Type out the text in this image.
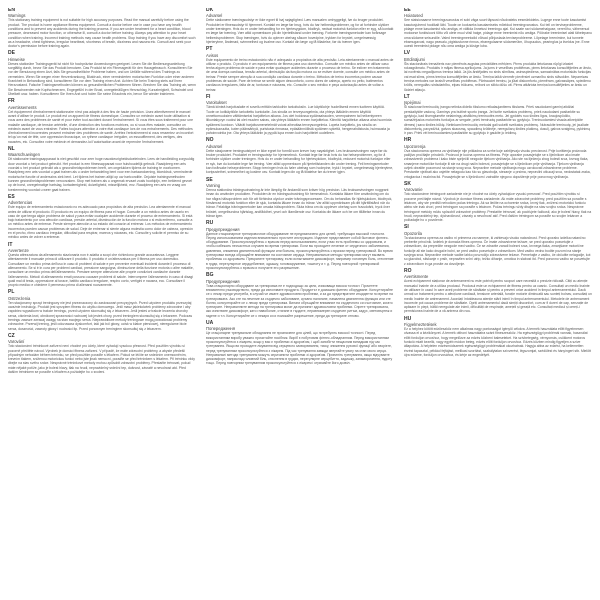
EN

Warnings

This stationary training equipment is not suitable for high accuracy purposes. Read the manual carefully before using the product. The product is home appliance fitness equipment. Consult a doctor before use in case you have any health conditions and to prevent any accidents during the training process. If you are under treatment for a heart condition, blood pressure, decreased motor function, or otherwise ill, consult a doctor before training. Always pay attention to your heart condition when training. Incorrect training methods may cause health problems. Stop training if you have any discomfort such as a headache, chest tightness, irregular heartbeat, shortness of breath, dizziness and nausea etc. Consult and seek your doctor's permission before training again.

DE

Hinweise

Dieses stationäre Trainingsgerät ist nicht für hochpräzise Anwendungen geeignet. Lesen Sie die Bedienungsanleitung sorgfältig durch, bevor Sie das Produkt benutzen. Das Produkt ist ein Fitnessgerät für den Hausgebrauch. Konsultieren Sie vor der Benutzung einen Arzt, falls Sie gesundheitliche Probleme haben, und um Unfälle während des Trainings zu vermeiden. Wenn Sie wegen einer Herzerkrankung, Blutdruck, einer verminderten motorischen Funktion oder einer anderen Krankheit in Behandlung sind, konsultieren Sie vor dem Training einen Arzt. Achten Sie beim Training stets auf Ihren Herzzustand. Falsche Trainingsmethoden können zu gesundheitlichen Problemen führen. Brechen Sie das Training ab, wenn Sie Beschwerden wie Kopfschmerzen, Engegefühl in der Brust, unregelmäßigen Herzschlag, Kurzatmigkeit, Schwindel und Übelkeit usw. haben. Konsultieren Sie Ihren Arzt und holen Sie seine Erlaubnis ein, bevor Sie wieder trainieren.

FR

Avertissements

Cet équipement d'entraînement stationnaire n'est pas adapté à des fins de haute précision. Lisez attentivement le manuel avant d'utiliser le produit. Le produit est un appareil de fitness domestique. Consultez un médecin avant toute utilisation si vous avez des problèmes de santé et pour éviter tout accident durant l'entraînement. Si vous êtes sous traitement pour une maladie cardiaque, de tension artérielle, d'une diminution des fonctions motrices, ou si vous êtes malade, consultez un médecin avant de vous entraîner. Faites toujours attention à votre état cardiaque lors de vos entraînements. Des méthodes d'entraînement incorrectes peuvent entraîner des problèmes de santé. Arrêtez l'entraînement si vous ressentez un inconfort tel qu'un mal de tête, une oppression thoracique, un rythme cardiaque irrégulier, un essoufflement, des vertiges, des nausées, etc. Consultez votre médecin et demandez-lui l'autorisation avant de reprendre l'entraînement.

NL

Waarschuwingen

Dit stationaire trainingsapparaat is niet geschikt voor zeer hoge nauwkeurigheidsdoeleinden. Lees de handleiding zorgvuldig door voordat u het product gebruikt. Het product is een fitnessapparaat voor huishoudelijk gebruik. Raadpleeg een arts voordat u het product gebruikt als u gezondheidsproblemen heeft, om ongelukken tijdens de training te voorkomen. Raadpleeg een arts voordat u gaat trainen als u onder behandeling bent voor een hartaandoening, bloeddruk, verminderde motorische functie of anderszins ziek bent. Let tijdens het trainen altijd op uw hartconditie. Onjuiste trainingsmethoden kunnen gezondheidsproblemen veroorzaken. Stop met trainen als u ongemak ervaart zoals hoofdpijn, een beklemd gevoel op de borst, onregelmatige hartslag, kortademigheid, duizeligheid, misselijkheid, enz. Raadpleeg een arts en vraag om toestemming voordat u weer gaat trainen.

ES

Advertencias

Este equipo de entrenamiento estacionario no es adecuado para propósitos de alta precisión. Lea atentamente el manual antes de utilizar el producto. El producto es un equipo de fitness para el hogar. Consulte a un médico antes de usarlo en caso de que tenga algún problema de salud y para evitar cualquier accidente durante el proceso de entrenamiento. Si está bajo tratamiento por una afección cardíaca, presión arterial, disminución de la función motora o si está enfermo, consulte a un médico antes de entrenar. Preste siempre atención a su estado del corazón al entrenar. Los métodos de entrenamiento incorrectos pueden causar problemas de salud. Deje de entrenar si siente alguna molestia como dolor de cabeza, opresión en el pecho, ritmo cardíaco irregular, dificultad para respirar, mareos y náuseas, etc. Consulte y solicite el permiso de su médico antes de volver a entrenar.

IT

Avvertenze

Questa attrezzatura da allenamento stazionaria non è adatta a scopi che richiedono grande accuratezza. Leggere attentamente il manuale prima di utilizzare il prodotto. Il prodotto è un'attrezzatura per il fitness per uso domestico. Consultare un medico prima dell'uso in caso di problemi di salute e per prevenire eventuali incidenti durante il processo di allenamento. Se si è in cura per problemi cardiaci, pressione sanguigna, diminuzione della funzione motoria o altre malattie, consultare un medico prima dell'allenamento. Prestare sempre attenzione alle proprie condizioni cardiache durante l'allenamento. Metodi di allenamento errati possono causare problemi di salute. Interrompere l'allenamento in caso di disagi quali mal di testa, oppressione al torace, battito cardiaco irregolare, respiro corto, vertigini e nausea, ecc. Consultare il proprio medico e chiedere il permesso prima di allenarsi nuovamente.

PL

Ostrzeżenia

Ten stacjonarny sprzęt treningowy nie jest przeznaczony do zastosowań precyzyjnych. Przed użyciem produktu przeczytaj uważnie instrukcję. Produkt jest sprzętem fitness do użytku domowego. Jeśli masz jakiekolwiek problemy zdrowotne i aby zapobiec wypadkom w trakcie treningu, przed użyciem skonsultuj się z lekarzem. Jeśli jesteś w trakcie leczenia choroby serca, ciśnienia krwi, obniżonej sprawności ruchowej lub jesteś chory, przed treningiem skonsultuj się z lekarzem. Podczas treningu zawsze zwracaj uwagę na stan swojego serca. Nieprawidłowe metody treningowe mogą powodować problemy zdrowotne. Przerwij trening, jeśli odczuwasz dyskomfort, taki jak ból głowy, ucisk w klatce piersiowej, nieregularne bicie serca, duszności, zawroty głowy i nudności itp. Przed ponownym treningiem skonsultuj się z lekarzem.

CZ

Varování

Toto stacionární tréninkové zařízení není vhodné pro účely, které vyžadují vysokou přesnost. Před použitím výrobku si pozorně přečtěte návod. Výrobek je domácí fitness zařízení. V případě, že máte zdravotní problémy, a abyste předešli případným nehodám během tréninku, se před použitím poraďte s lékařem. Pokud se léčíte se srdečním onemocněním, krevním tlakem, sníženou motorickou funkcí nebo jste jinak nemocní, poraďte se před tréninkem s lékařem. Při tréninku vždy dbejte na stav svého srdce. Nesprávné tréninkové metody mohou způsobit zdravotní problémy. Přestaňte trénovat, pokud máte nějaké potíže, jako je bolest hlavy, tlak na hrudi, nepravidelný srdeční tep, dušnost, závratě a nevolnost atd. Před dalším tréninkem se poraďte s lékařem a požádejte ho o svolení.

DK

Advarsel

Dette stationære træningsudstyr er ikke egnet til høj nøjagtighed. Læs manualen omhyggeligt, før du bruger produktet. Produktet er fitnessudstyr til hjemmet. Kontakt en læge før brug, hvis du har helbredsproblemer, og for at forhindre ulykker under træningen. Hvis du er under behandling for en hjertesygdom, blodtryk, nedsat motorisk funktion eller er syg, så kontakt en læge før træning. Vær altid opmærksom på din hjertetilstand under træning. Forkerte træningsmetoder kan forårsage helbredsproblemer. Stop træningen, hvis du oplever ubehag såsom hovedpine, trykken for brystet, uregelmæssig hjerterytme, åndenød, svimmelhed og kvalme osv. Kontakt din læge og få tilladelse, før du træner igen.

PT

Avisos

Este equipamento de treino estacionário não é adequado a propósitos de alta precisão. Leia atentamente o manual antes de utilizar o produto. O produto é um equipamento de fitness para uso doméstico. Consulte um médico antes de utilizar caso tenha algum problema de saúde e para evitar quaisquer acidentes durante o processo de treino. Se estiver em tratamento de uma doença cardíaca, tensão arterial, diminuição da função motora ou se estiver doente, consulte um médico antes de treinar. Preste sempre atenção à sua condição cardíaca durante o treino. Métodos de treino incorretos podem causar problemas de saúde. Pare de treinar se sentir algum desconforto, como dores de cabeça, aperto no peito, batimentos cardíacos irregulares, falta de ar, tonturas e náuseas, etc. Consulte o seu médico e peça autorização antes de voltar a treinar.

FI

Varoitukset

Tämä kiinteä harjoituslaite ei sovellu erittäin tarkkoihin tarkoituksiin. Lue käyttöohje huolellisesti ennen tuotteen käyttöä. Tuote on kotikäyttöön tarkoitettu kuntolaite. Jos sinulla on terveysongelmia, ota yhteys lääkäriin ennen käyttöä onnettomuuksien välttämiseksi harjoittelun aikana. Jos olet hoidossa sydänsairauden, verenpaineen tai heikentyneen liikuntakyvyn vuoksi tai olet muuten sairas, ota yhteys lääkäriin ennen harjoittelua. Kiinnitä harjoittelun aikana aina huomiota sydämesi kuntoon. Väärät harjoitusmenetelmät voivat aiheuttaa terveysongelmia. Lopeta harjoittelu, jos sinulla on epämukavuutta, kuten päänsärkyä, puristusta rinnassa, epäsäännöllistä sydämen sykettä, hengenahdistusta, huimausta ja pahoinvointia jne. Ota yhteys lääkäriin ja pyydä lupa ennen kuin harjoittelet uudelleen.

NO

Advarsel

Dette stasjonære treningsutstyret er ikke egnet for formål som krever høy nøyaktighet. Les bruksanvisningen nøye før du bruker produktet. Produktet er treningsutstyr for hjemmebruk. Kontakt lege før bruk hvis du har helseproblemer, og for å forhindre ulykker under treningen. Hvis du er under behandling for hjertesykdom, blodtrykk, redusert motorisk funksjon eller er syk, bør du kontakte lege før trening. Vær alltid oppmerksom på hjertetilstanden din under trening. Feil treningsmetoder kan forårsake helseproblemer. Stopp treningen hvis du føler ubehag som hodepine, trykk i brystet, uregelmessig hjerterytme, kortpustethet, svimmelhet og kvalme osv. Kontakt legen din og få tillatelse før du trener igjen.

SE

Varning

Denna stationära träningsutrustning är inte lämplig för ändamål som kräver hög precision. Läs bruksanvisningen noggrant innan du använder produkten. Produkten är en träningsutrustning för hemmabruk. Kontakta läkare före användning om du har några hälsoproblem och för att förhindra olyckor under träningsprocessen. Om du behandlas för hjärtsjukdom, blodtryck, försämrad motorisk funktion eller är sjuk, kontakta läkare innan du tränar. Var alltid uppmärksam på ditt hjärttillstånd när du tränar. Felaktiga träningsmetoder kan orsaka hälsoproblem. Sluta träna om du upplever obehag som huvudvärk, tryck över bröstet, oregelbundna hjärtslag, andfåddhet, yrsel och illamående osv. Kontakta din läkare och be om tillåtelse innan du tränar igen.

RU

Предупреждения

Данное стационарное тренировочное оборудование не предназначено для целей, требующих высокой точности. Перед использованием изделия внимательно прочтите инструкцию. Изделие представляет собой бытовое фитнес-оборудование. Проконсультируйтесь с врачом перед использованием, если у вас есть проблемы со здоровьем, и чтобы избежать несчастных случаев во время тренировки. Если вы проходите лечение от сердечного заболевания, давления, снижения двигательной функции или больны, проконсультируйтесь с врачом перед тренировкой. Во время тренировки всегда обращайте внимание на состояние сердца. Неправильные методы тренировки могут вызвать проблемы со здоровьем. Прекратите тренировку, если испытываете дискомфорт, например головную боль, стеснение в груди, нерегулярное сердцебиение, одышку, головокружение, тошноту и т. д. Перед повторной тренировкой проконсультируйтесь с врачом и получите его разрешение.

BG

Предупреждения

Това стационарно оборудване за тренировка не е подходящо за цели, изискващи висока точност. Прочетете внимателно ръководството, преди да използвате продукта. Продуктът е домашно фитнес оборудване. Консултирайте се с лекар преди употреба, в случай че имате здравословни проблеми, и за да предотвратите инциденти по време на тренировката. Ако сте на лечение за сърдечно заболяване, кръвно налягане, намалена двигателна функция или сте болни, консултирайте се с лекар преди тренировка. Винаги обръщайте внимание на сърдечното си състояние, когато тренирате. Неправилните методи на тренировка могат да причинят здравословни проблеми. Спрете тренировката, ако изпитвате дискомфорт, като главоболие, стягане в гърдите, неравномерен сърдечен ритъм, задух, световъртеж и гадене и т.н. Консултирайте се с лекаря си и поискайте разрешение, преди да тренирате отново.

UA

Попередження

Це стаціонарне тренувальне обладнання не призначене для цілей, що потребують високої точності. Перед використанням виробу уважно прочитайте посібник. Виріб є побутовим фітнес-обладнанням. Перед використанням проконсультуйтеся з лікарем, якщо у вас є проблеми зі здоров'ям, і щоб запобігти нещасним випадкам під час тренування. Якщо ви проходите лікування від серцевого захворювання, тиску, зниження рухової функції або хворієте, перед тренуванням проконсультуйтеся з лікарем. Під час тренування завжди звертайте увагу на стан свого серця. Неправильні методи тренування можуть спричинити проблеми зі здоров'ям. Припиніть тренування, якщо відчуваєте дискомфорт, наприклад головний біль, стиснення в грудях, нерегулярне серцебиття, задишку, запаморочення, нудоту тощо. Перед повторним тренуванням проконсультуйтеся з лікарем і отримайте його дозвіл.

EE

Hoiatused

See statsionaarne treeninguvarustus ei sobi väga suurt täpsust nõudvateks eesmärkideks. Lugege enne toote kasutamist kasutusjuhend hoolikalt läbi. Toode on koduseks kasutamiseks mõeldud treeningvarustus. Kui teil on terviseprobleeme, pidage enne kasutamist nõu arstiga, et vältida õnnetusi treeningu ajal. Kui saate ravi südamehaiguse, vererõhu, vähenenud motoorse funktsiooni tõttu või olete muul viisil haige, pidage enne treenimist nõu arstiga. Pöörake treenimisel alati tähelepanu oma südame seisundile. Valed treeningmeetodid võivad põhjustada terviseprobleeme. Lõpetage treenimine, kui tunnete ebamugavust, nagu peavalu, pigistustunne rinnus, ebaregulaarne südamerütm, õhupuudus, pearinglus ja iiveldus jne. Enne uuesti treenimist pidage nõu oma arstiga ja küsige luba.

LV

Brīdinājumi

Šis stacionārais trenažieris nav piemērots augstas precizitātes mērķiem. Pirms produkta lietošanas rūpīgi izlasiet rokasgrāmatu. Produkts ir mājas fitnesa aprīkojums. Ja jums ir veselības problēmas, pirms lietošanas konsultējieties ar ārstu, lai novērstu negadījumus treniņa laikā. Ja jūs ārstējaties no sirds slimības, asinsspiediena, samazinātas motoriskās funkcijas vai esat slims, pirms treniņa konsultējieties ar ārstu. Treniņa laikā vienmēr pievērsiet uzmanību sirds stāvoklim. Nepareizas treniņa metodes var izraisīt veselības problēmas. Pārtrauciet treniņu, ja jūtat diskomfortu, piemēram, galvassāpes, spiedienu krūtīs, neregulāru sirdsdarbību, elpas trūkumu, reiboni un sliktu dūšu utt. Pirms atkārtota treniņa konsultējieties ar ārstu un lūdziet atļauju.

LT

Įspėjimai

Ši stacionari treniruočių įranga netinka didelio tikslumo reikalaujantiems tikslams. Prieš naudodami gaminį atidžiai perskaitykite vadovą. Gaminys yra buitinė sporto įranga. Jei turite sveikatos problemų, prieš naudodami pasitarkite su gydytoju, kad išvengtumėte nelaimingų atsitikimų treniruotės metu. Jei gydotės nuo širdies ligos, kraujospūdžio, sumažėjusios motorinės funkcijos ar sergate, prieš treniruotę pasitarkite su gydytoju. Treniruodamiesi visada atkreipkite dėmesį į savo širdies būklę. Netinkami treniruočių metodai gali sukelti sveikatos problemų. Nutraukite treniruotę, jei jaučiate diskomfortą, pavyzdžiui, galvos skausmą, spaudimą krūtinėje, nereguliarų širdies plakimą, dusulį, galvos svaigimą, pykinimą ir pan. Prieš vėl treniruodamiesi pasitarkite su gydytoju ir gaukite jo leidimą.

HR

Upozorenja

Ova stacionarna oprema za vježbanje nije prikladna za svrhe koje zahtijevaju visoku preciznost. Prije korištenja proizvoda pažljivo pročitajte priručnik. Proizvod je kućna oprema za fitness. Prije uporabe posavjetujte se s liječnikom ako imate zdravstvenih problema i kako biste spriječili nezgode tijekom vježbanja. Ako ste na liječenju zbog bolesti srca, krvnog tlaka, smanjene motoričke funkcije ili ste na drugi način bolesni, posavjetujte se s liječnikom prije vježbanja. Tijekom vježbanja uvijek obratite pozornost na stanje svog srca. Nepravilne metode vježbanja mogu uzrokovati zdravstvene probleme. Prestanite vježbati ako osjetite nelagodu kao što su glavobolja, stezanje u prsima, nepravilni otkucaji srca, nedostatak zraka, vrtoglavica i mučnina itd. Posavjetujte se s liječnikom i zatražite njegovo dopuštenje prije ponovnog vježbanja.

SK

Varovanie

Toto stacionárne tréningové zariadenie nie je vhodné na účely vyžadujúce vysokú presnosť. Pred použitím výrobku si pozorne prečítajte návod. Výrobok je domáce fitness zariadenie. Ak máte zdravotné problémy, pred použitím sa poraďte s lekárom, aby ste predišli nehodám počas tréningu. Ak sa liečite na ochorenie srdca, krvný tlak, zníženú motorickú funkciu alebo ste inak chorí, pred tréningom sa poraďte s lekárom. Počas tréningu vždy dbajte na stav svojho srdca. Nesprávne tréningové metódy môžu spôsobiť zdravotné problémy. Prestaňte trénovať, ak pociťujete ťažkosti, ako je bolesť hlavy, tlak na hrudi, nepravidelný tep, dýchavičnosť, závraty a nevoľnosť atď. Pred ďalším tréningom sa poraďte so svojím lekárom a požiadajte ho o povolenie.

SI

Opozorila

Ta stacionarna oprema za vadbo ni primerna za namene, ki zahtevajo visoko natančnost. Pred uporabo izdelka natančno preberite priročnik. Izdelek je domača fitnes oprema. Če imate zdravstvene težave, se pred uporabo posvetujte z zdravnikom, da preprečite nezgode med vadbo. Če se zdravite zaradi bolezni srca, krvnega tlaka, zmanjšane motorične funkcije ali ste kako drugače bolni, se pred vadbo posvetujte z zdravnikom. Med vadbo vedno bodite pozorni na stanje svojega srca. Nepravilne metode vadbe lahko povzročijo zdravstvene težave. Prenehajte z vadbo, če občutite nelagodje, kot so glavobol, stiskanje v prsih, nepravilen srčni utrip, težko dihanje, omotica in slabost itd. Pred ponovno vadbo se posvetujte z zdravnikom in ga prosite za dovoljenje.

RO

Avertismente

Acest echipament staționar de antrenament nu este potrivit pentru scopuri care necesită o precizie ridicată. Citiți cu atenție manualul înainte de a utiliza produsul. Produsul este un echipament de fitness pentru uz casnic. Consultați un medic înainte de utilizare în cazul în care aveți probleme de sănătate și pentru a preveni orice accident în timpul antrenamentului. Dacă urmați un tratament pentru o afecțiune cardiacă, tensiune arterială, funcție motorie diminuată sau sunteți bolnav, consultați un medic înainte de antrenament. Acordați întotdeauna atenție stării inimii în timpul antrenamentului. Metodele de antrenament incorecte pot cauza probleme de sănătate. Opriți antrenamentul dacă simțiți disconfort, cum ar fi dureri de cap, senzație de apăsare în piept, bătăi neregulate ale inimii, dificultăți de respirație, amețeli și greață etc. Consultați medicul și cereți-i permisiunea înainte de a vă antrena din nou.

HU

Figyelmeztetések

Ez a helyhez kötött edzőeszköz nem alkalmas nagy pontosságot igénylő célokra. A termék használata előtt figyelmesen olvassa el a kézikönyvet. A termék otthoni használatra szánt fitneszeszköz. Ha egészségügyi problémái vannak, használat előtt forduljon orvoshoz, hogy megelőzze az edzés közbeni baleseteket. Ha szívbetegség, vérnyomás, csökkent motoros funkció miatt kezelik, vagy egyéb módon beteg, edzés előtt forduljon orvoshoz. Edzés közben mindig figyeljen a szíve állapotára. A helytelen edzésmódszerek egészségügyi problémákat okozhatnak. Hagyja abba az edzést, ha kellemetlen érzést tapasztal, például fejfájást, mellkasi szorítást, szabálytalan szívverést, légszomjat, szédülést és hányingert stb. Mielőtt újra edzene, forduljon orvosához, és kérje az engedélyét.
